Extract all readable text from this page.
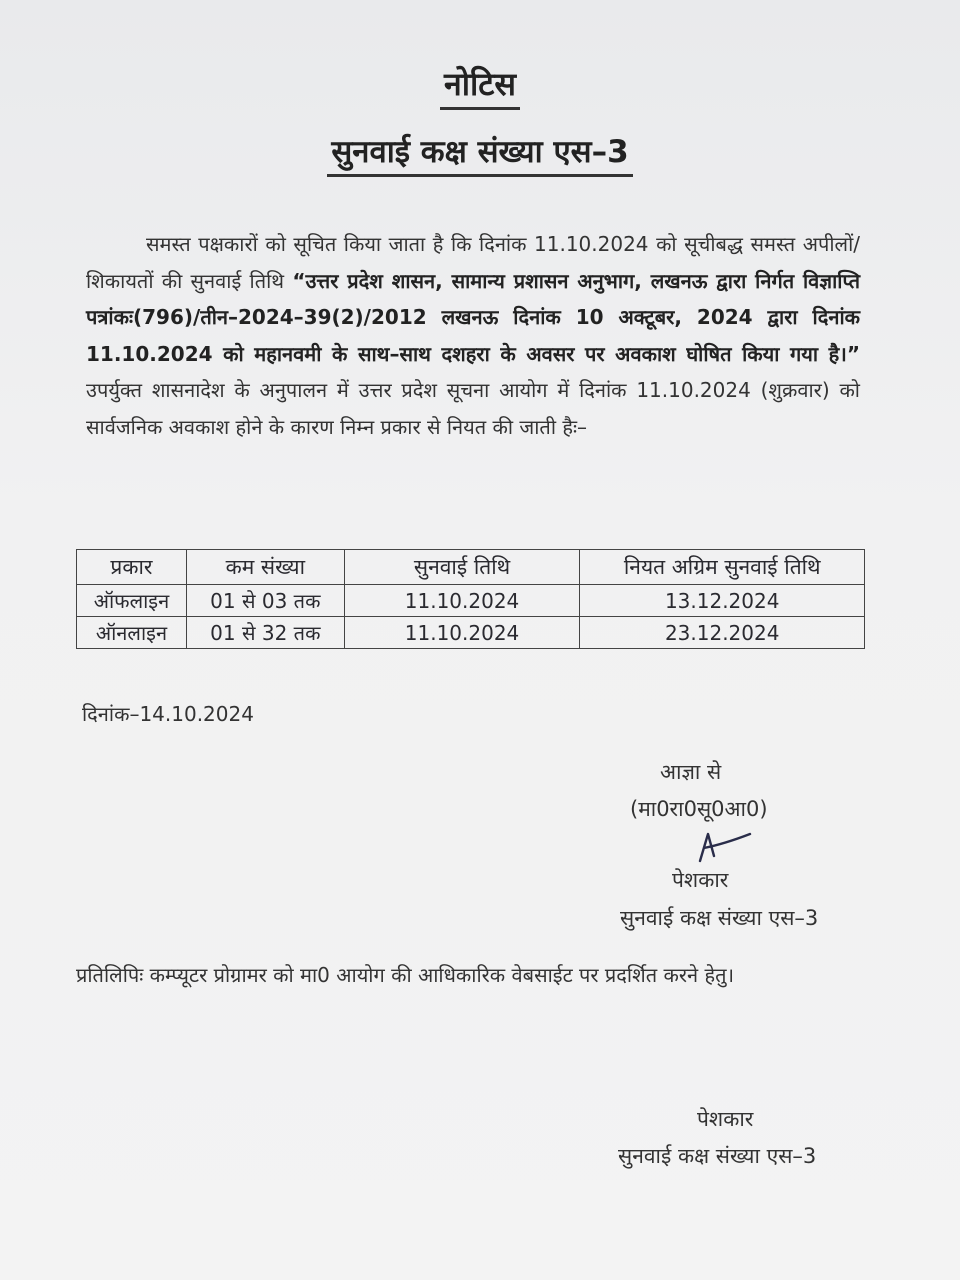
नोटिस
सुनवाई कक्ष संख्या एस–3
समस्त पक्षकारों को सूचित किया जाता है कि दिनांक 11.10.2024 को सूचीबद्ध समस्त अपीलों/शिकायतों की सुनवाई तिथि “उत्तर प्रदेश शासन, सामान्य प्रशासन अनुभाग, लखनऊ द्वारा निर्गत विज्ञाप्ति पत्रांकः(796)/तीन–2024–39(2)/2012 लखनऊ दिनांक 10 अक्टूबर, 2024 द्वारा दिनांक 11.10.2024 को महानवमी के साथ–साथ दशहरा के अवसर पर अवकाश घोषित किया गया है।” उपर्युक्त शासनादेश के अनुपालन में उत्तर प्रदेश सूचना आयोग में दिनांक 11.10.2024 (शुक्रवार) को सार्वजनिक अवकाश होने के कारण निम्न प्रकार से नियत की जाती हैः–
प्रकार	कम संख्या	सुनवाई तिथि	नियत अग्रिम सुनवाई तिथि
ऑफलाइन	01 से 03 तक	11.10.2024	13.12.2024
ऑनलाइन	01 से 32 तक	11.10.2024	23.12.2024
दिनांक–14.10.2024
आज्ञा से
(मा0रा0सू0आ0)
पेशकार
सुनवाई कक्ष संख्या एस–3
प्रतिलिपिः कम्प्यूटर प्रोग्रामर को मा0 आयोग की आधिकारिक वेबसाईट पर प्रदर्शित करने हेतु।
पेशकार
सुनवाई कक्ष संख्या एस–3
